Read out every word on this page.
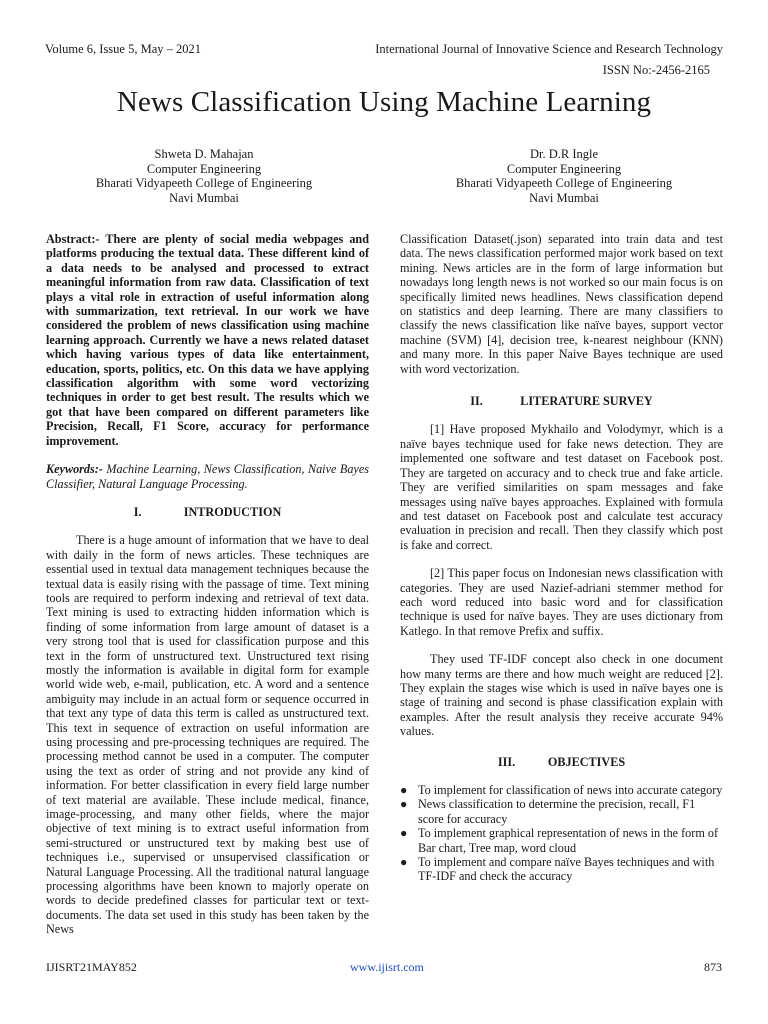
Volume 6, Issue 5, May – 2021	International Journal of Innovative Science and Research Technology
ISSN No:-2456-2165
News Classification Using Machine Learning
Shweta D. Mahajan
Computer Engineering
Bharati Vidyapeeth College of Engineering
Navi Mumbai
Dr. D.R Ingle
Computer Engineering
Bharati Vidyapeeth College of Engineering
Navi Mumbai

Abstract:- There are plenty of social media webpages and platforms producing the textual data. These different kind of a data needs to be analysed and processed to extract meaningful information from raw data. Classification of text plays a vital role in extraction of useful information along with summarization, text retrieval. In our work we have considered the problem of news classification using machine learning approach. Currently we have a news related dataset which having various types of data like entertainment, education, sports, politics, etc. On this data we have applying classification algorithm with some word vectorizing techniques in order to get best result. The results which we got that have been compared on different parameters like Precision, Recall, F1 Score, accuracy for performance improvement.

Keywords:- Machine Learning, News Classification, Naive Bayes Classifier, Natural Language Processing.

I.	INTRODUCTION

There is a huge amount of information that we have to deal with daily in the form of news articles. These techniques are essential used in textual data management techniques because the textual data is easily rising with the passage of time. Text mining tools are required to perform indexing and retrieval of text data. Text mining is used to extracting hidden information which is finding of some information from large amount of dataset is a very strong tool that is used for classification purpose and this text in the form of unstructured text. Unstructured text rising mostly the information is available in digital form for example world wide web, e-mail, publication, etc. A word and a sentence ambiguity may include in an actual form or sequence occurred in that text any type of data this term is called as unstructured text. This text in sequence of extraction on useful information are using processing and pre-processing techniques are required. The processing method cannot be used in a computer. The computer using the text as order of string and not provide any kind of information. For better classification in every field large number of text material are available. These include medical, finance, image-processing, and many other fields, where the major objective of text mining is to extract useful information from semi-structured or unstructured text by making best use of techniques i.e., supervised or unsupervised classification or Natural Language Processing. All the traditional natural language processing algorithms have been known to majorly operate on words to decide predefined classes for particular text or text-documents. The data set used in this study has been taken by the News

Classification Dataset(.json) separated into train data and test data. The news classification performed major work based on text mining. News articles are in the form of large information but nowadays long length news is not worked so our main focus is on specifically limited news headlines. News classification depend on statistics and deep learning. There are many classifiers to classify the news classification like naïve bayes, support vector machine (SVM) [4], decision tree, k-nearest neighbour (KNN) and many more. In this paper Naive Bayes technique are used with word vectorization.

II.	LITERATURE SURVEY

[1] Have proposed Mykhailo and Volodymyr, which is a naïve bayes technique used for fake news detection. They are implemented one software and test dataset on Facebook post. They are targeted on accuracy and to check true and fake article. They are verified similarities on spam messages and fake messages using naïve bayes approaches. Explained with formula and test dataset on Facebook post and calculate test accuracy evaluation in precision and recall. Then they classify which post is fake and correct.

[2] This paper focus on Indonesian news classification with categories. They are used Nazief-adriani stemmer method for each word reduced into basic word and for classification technique is used for naïve bayes. They are uses dictionary from Katlego. In that remove Prefix and suffix.

They used TF-IDF concept also check in one document how many terms are there and how much weight are reduced [2]. They explain the stages wise which is used in naïve bayes one is stage of training and second is phase classification explain with examples. After the result analysis they receive accurate 94% values.

III.	OBJECTIVES

● To implement for classification of news into accurate category
● News classification to determine the precision, recall, F1 score for accuracy
● To implement graphical representation of news in the form of Bar chart, Tree map, word cloud
● To implement and compare naïve Bayes techniques and with TF-IDF and check the accuracy
IJISRT21MAY852	www.ijisrt.com	873
